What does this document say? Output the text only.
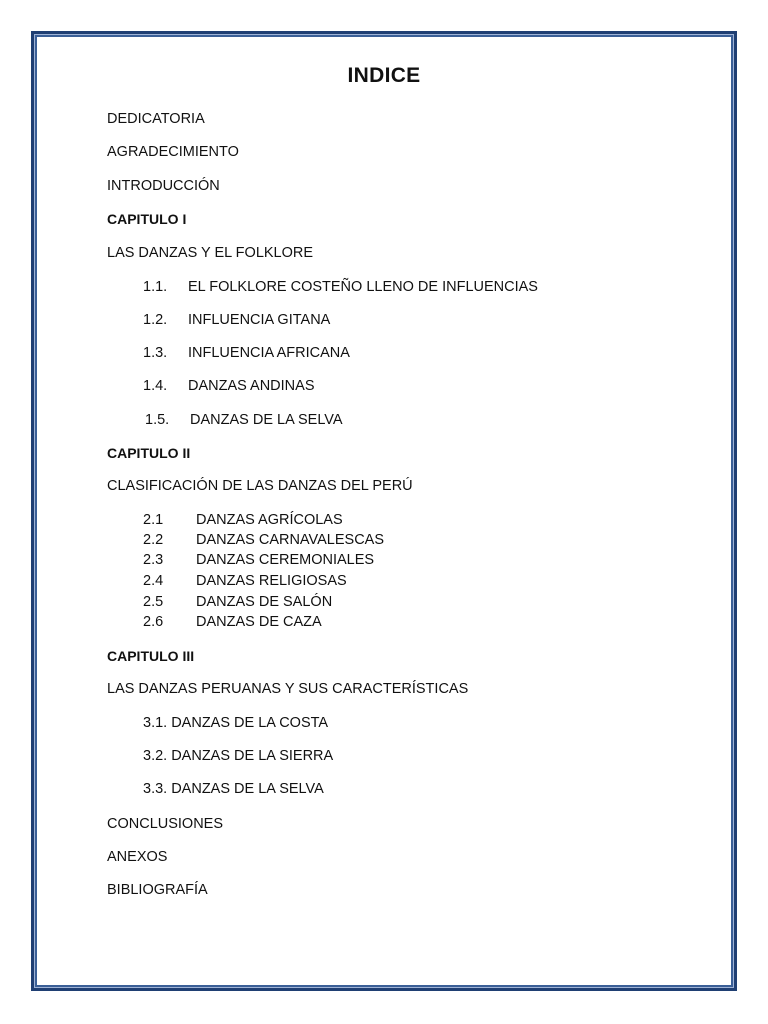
INDICE
DEDICATORIA
AGRADECIMIENTO
INTRODUCCIÓN
CAPITULO I
LAS DANZAS Y EL FOLKLORE
1.1. EL FOLKLORE COSTEÑO LLENO DE INFLUENCIAS
1.2. INFLUENCIA GITANA
1.3. INFLUENCIA AFRICANA
1.4. DANZAS ANDINAS
1.5. DANZAS DE LA SELVA
CAPITULO II
CLASIFICACIÓN DE LAS DANZAS DEL PERÚ
2.1 DANZAS AGRÍCOLAS
2.2 DANZAS CARNAVALESCAS
2.3 DANZAS CEREMONIALES
2.4 DANZAS RELIGIOSAS
2.5 DANZAS DE SALÓN
2.6 DANZAS DE CAZA
CAPITULO III
LAS DANZAS PERUANAS Y SUS CARACTERÍSTICAS
3.1. DANZAS DE LA COSTA
3.2. DANZAS DE LA SIERRA
3.3. DANZAS DE LA SELVA
CONCLUSIONES
ANEXOS
BIBLIOGRAFÍA
